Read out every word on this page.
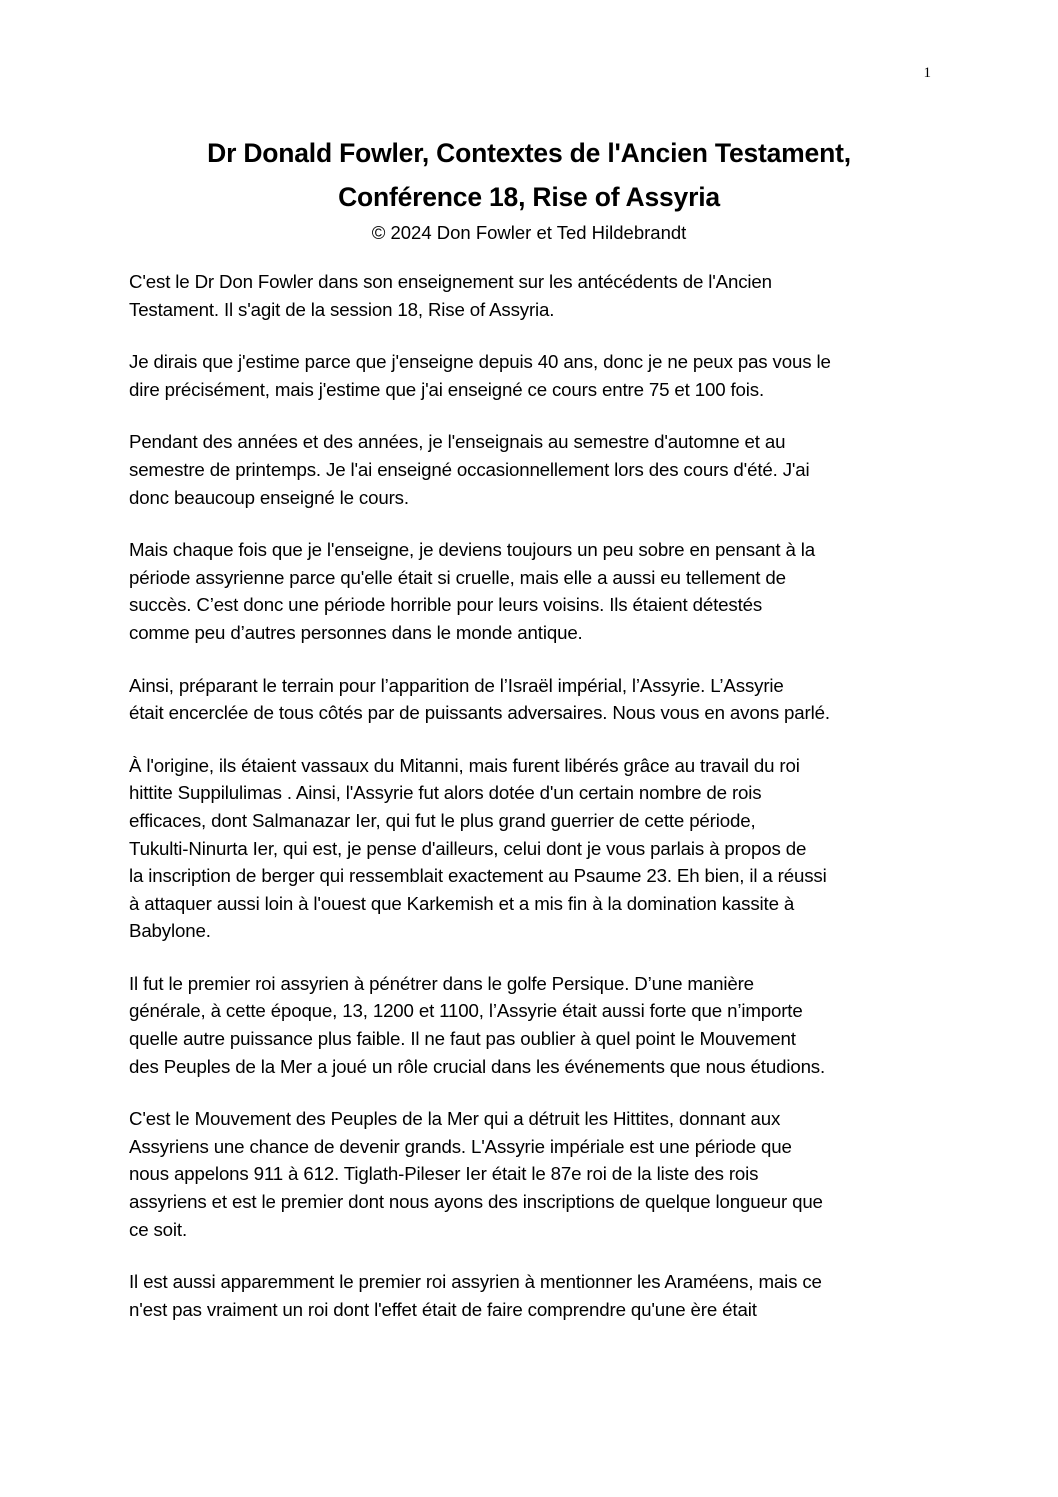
1
Dr Donald Fowler, Contextes de l'Ancien Testament,
Conférence 18, Rise of Assyria
© 2024 Don Fowler et Ted Hildebrandt

C'est le Dr Don Fowler dans son enseignement sur les antécédents de l'Ancien
Testament. Il s'agit de la session 18, Rise of Assyria.

Je dirais que j'estime parce que j'enseigne depuis 40 ans, donc je ne peux pas vous le
dire précisément, mais j'estime que j'ai enseigné ce cours entre 75 et 100 fois.

Pendant des années et des années, je l'enseignais au semestre d'automne et au
semestre de printemps. Je l'ai enseigné occasionnellement lors des cours d'été. J'ai
donc beaucoup enseigné le cours.

Mais chaque fois que je l'enseigne, je deviens toujours un peu sobre en pensant à la
période assyrienne parce qu'elle était si cruelle, mais elle a aussi eu tellement de
succès. C’est donc une période horrible pour leurs voisins. Ils étaient détestés
comme peu d’autres personnes dans le monde antique.

Ainsi, préparant le terrain pour l’apparition de l’Israël impérial, l’Assyrie. L’Assyrie
était encerclée de tous côtés par de puissants adversaires. Nous vous en avons parlé.

À l'origine, ils étaient vassaux du Mitanni, mais furent libérés grâce au travail du roi
hittite Suppilulimas . Ainsi, l'Assyrie fut alors dotée d'un certain nombre de rois
efficaces, dont Salmanazar Ier, qui fut le plus grand guerrier de cette période,
Tukulti-Ninurta Ier, qui est, je pense d'ailleurs, celui dont je vous parlais à propos de
la inscription de berger qui ressemblait exactement au Psaume 23. Eh bien, il a réussi
à attaquer aussi loin à l'ouest que Karkemish et a mis fin à la domination kassite à
Babylone.

Il fut le premier roi assyrien à pénétrer dans le golfe Persique. D’une manière
générale, à cette époque, 13, 1200 et 1100, l’Assyrie était aussi forte que n’importe
quelle autre puissance plus faible. Il ne faut pas oublier à quel point le Mouvement
des Peuples de la Mer a joué un rôle crucial dans les événements que nous étudions.

C'est le Mouvement des Peuples de la Mer qui a détruit les Hittites, donnant aux
Assyriens une chance de devenir grands. L'Assyrie impériale est une période que
nous appelons 911 à 612. Tiglath-Pileser Ier était le 87e roi de la liste des rois
assyriens et est le premier dont nous ayons des inscriptions de quelque longueur que
ce soit.

Il est aussi apparemment le premier roi assyrien à mentionner les Araméens, mais ce
n'est pas vraiment un roi dont l'effet était de faire comprendre qu'une ère était
